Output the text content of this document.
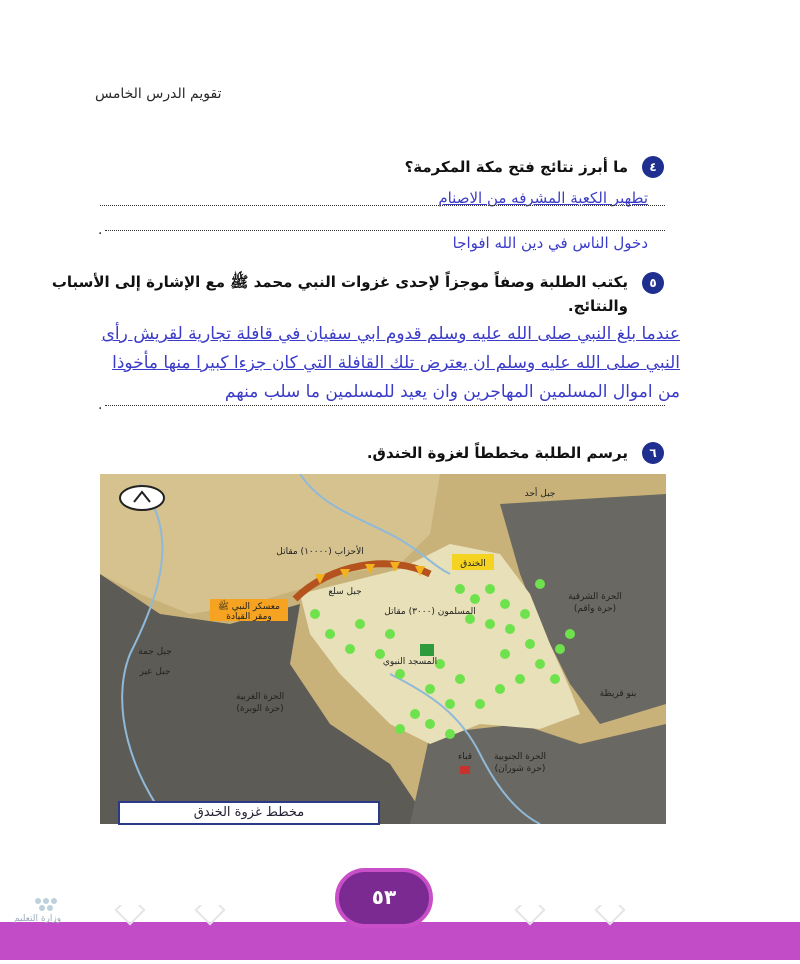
تقويم الدرس الخامس
٤
ما أبرز نتائج فتح مكة المكرمة؟
تطهير الكعبة المشرفه من الاصنام
.
دخول الناس في دين الله افواجا
٥
يكتب الطلبة وصفاً موجزاً لإحدى غزوات النبي محمد ﷺ مع الإشارة إلى الأسباب
والنتائج.
عندما بلغ النبي صلى الله عليه وسلم قدوم ابي سفيان في قافلة تجارية لقريش رأى
النبي صلى الله عليه وسلم ان يعترض تلك القافلة التي كان جزءا كبيرا منها مأخوذا
من اموال المسلمين المهاجرين وان يعيد للمسلمين ما سلب منهم
.
٦
يرسم الطلبة مخططاً لغزوة الخندق.
جبل أحد
الخندق
الحرة الشرقية
(حرة واقم)
الحرة الغربية
(حرة الوبرة)
الحرة الجنوبية
(حرة شوران)
المسجد النبوي
قباء
بنو قريظة
جبل سلع
معسكر النبي ﷺ
ومقر القيادة
الأحزاب (١٠٠٠٠) مقاتل
المسلمون (٣٠٠٠) مقاتل
جبل جمة
جبل عير
مخطط غزوة الخندق
وزارة التعليم
٥٣
